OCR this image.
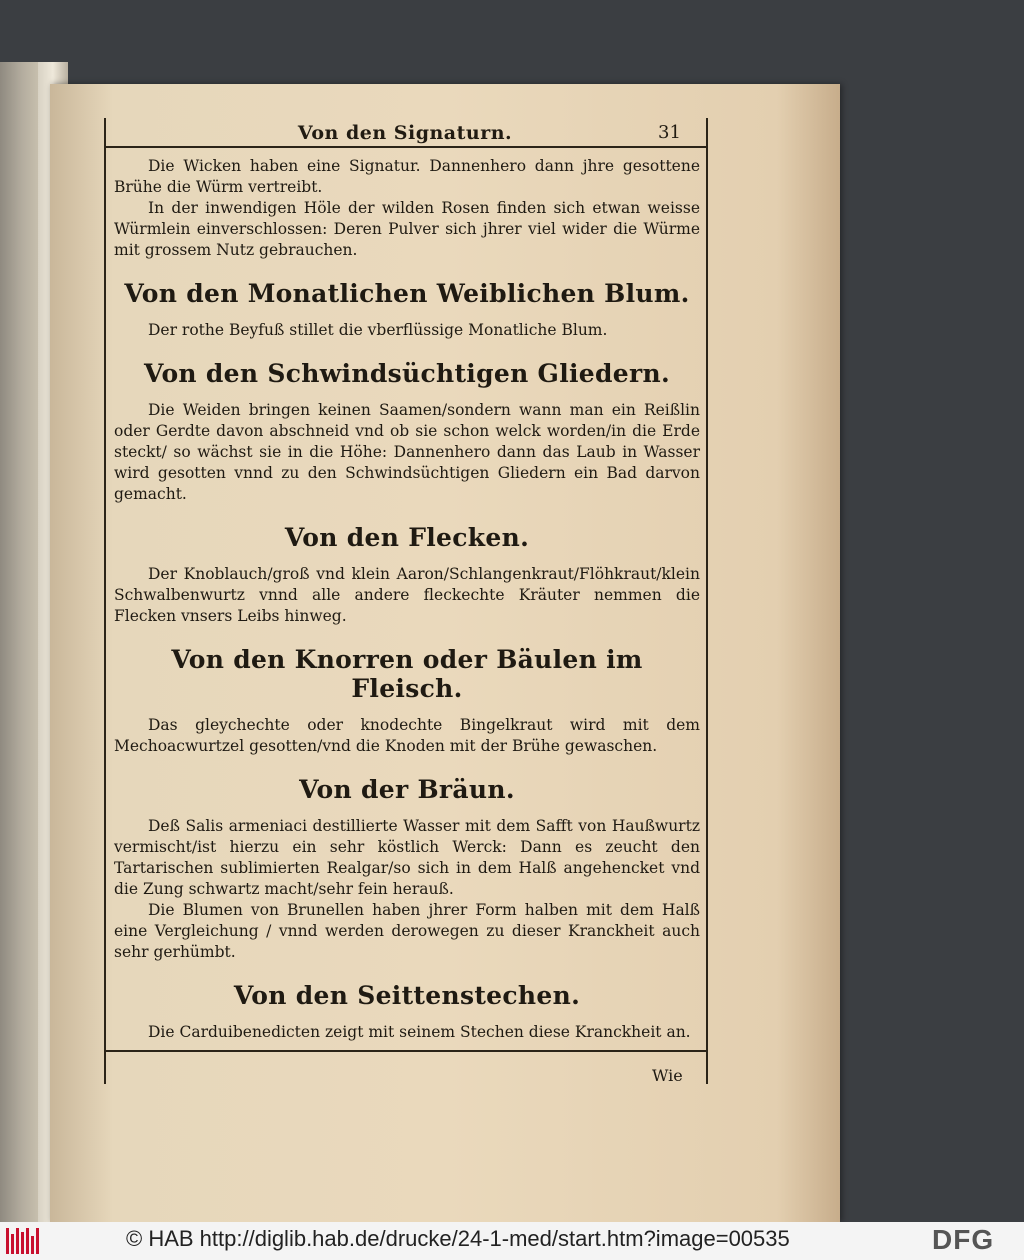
Von den Signaturn.	31

Die Wicken haben eine Signatur. Dannenhero dann jhre gesottene Brühe die Würm vertreibt.

In der inwendigen Höle der wilden Rosen finden sich etwan weisse Würmlein einverschlossen: Deren Pulver sich jhrer viel wider die Würme mit grossem Nutz gebrauchen.

Von den Monatlichen Weiblichen Blum.

Der rothe Beyfuß stillet die vberflüssige Monatliche Blum.

Von den Schwindsüchtigen Gliedern.

Die Weiden bringen keinen Saamen/sondern wann man ein Reißlin oder Gerdte davon abschneid vnd ob sie schon welck worden/in die Erde steckt/ so wächst sie in die Höhe: Dannenhero dann das Laub in Wasser wird gesotten vnnd zu den Schwindsüchtigen Gliedern ein Bad darvon gemacht.

Von den Flecken.

Der Knoblauch/groß vnd klein Aaron/Schlangenkraut/Flöhkraut/klein Schwalbenwurtz vnnd alle andere fleckechte Kräuter nemmen die Flecken vnsers Leibs hinweg.

Von den Knorren oder Bäulen im Fleisch.

Das gleychechte oder knodechte Bingelkraut wird mit dem Mechoacwurtzel gesotten/vnd die Knoden mit der Brühe gewaschen.

Von der Bräun.

Deß Salis armeniaci destillierte Wasser mit dem Safft von Haußwurtz vermischt/ist hierzu ein sehr köstlich Werck: Dann es zeucht den Tartarischen sublimierten Realgar/so sich in dem Halß angehencket vnd die Zung schwartz macht/sehr fein herauß.

Die Blumen von Brunellen haben jhrer Form halben mit dem Halß eine Vergleichung / vnnd werden derowegen zu dieser Kranckheit auch sehr gerhümbt.

Von den Seittenstechen.

Die Carduibenedicten zeigt mit seinem Stechen diese Kranckheit an.

Wie
© HAB http://diglib.hab.de/drucke/24-1-med/start.htm?image=00535	DFG
